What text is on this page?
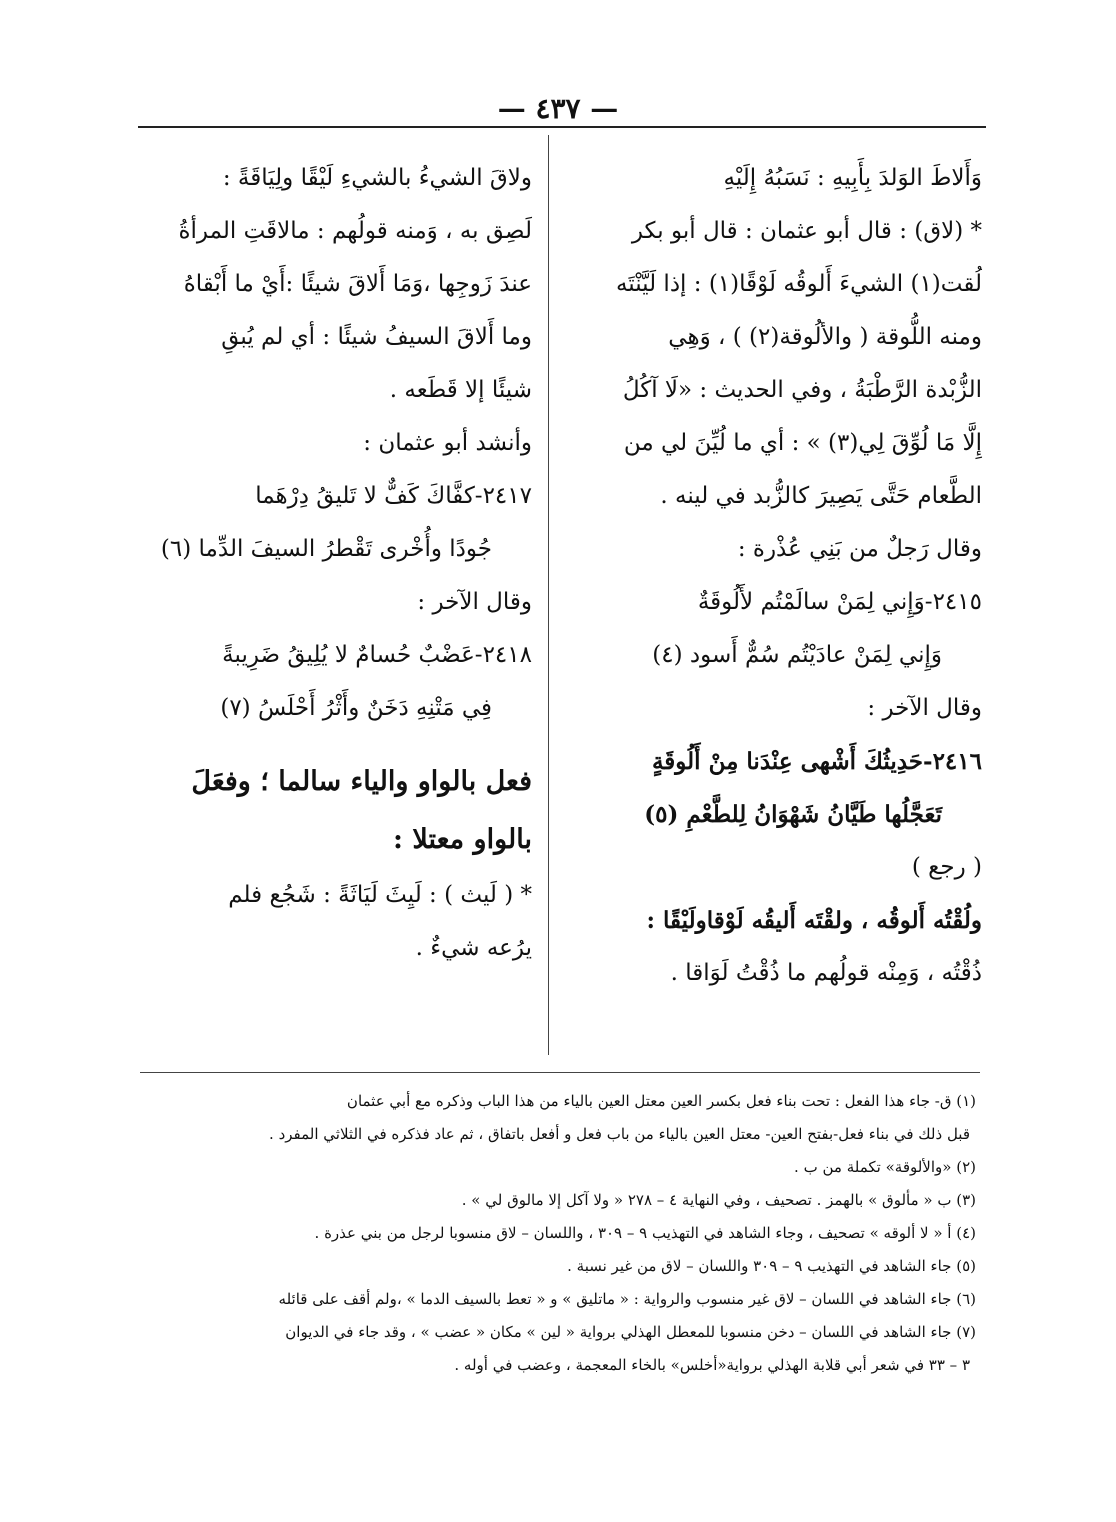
— ٤٣٧ —

وَأَلاطَ الوَلدَ بِأَبِيهِ : نَسَبُهُ إِلَيْهِ

* (لاق) : قال أبو عثمان : قال أبو بكر

لُقت(١) الشيءَ أَلوقُه لَوْقًا(١) : إذا لَيَّنْتَه

ومنه اللُّوقة ( والألُوقة(٢) ) ، وَهِي

الزُّبْدة الرَّطْبَةُ ، وفي الحديث : «لَا آكُلُ

إِلَّا مَا لُوِّقَ لِي(٣) » : أي ما لُيِّنَ لي من

الطَّعام حَتَّى يَصِيرَ كالزُّبد في لينه .

وقال رَجلٌ من بَنِي عُذْرة :

٢٤١٥-وَإِني لِمَنْ سالَمْتُم لأَلُوقَةٌ

وَإِني لِمَنْ عادَيْتُم سُمٌّ أَسود (٤)

وقال الآخر :

٢٤١٦-حَدِيثُكَ أَشْهى عِنْدَنا مِنْ أَلُوقَةٍ

تَعَجَّلُها طَيَّانُ شَهْوَانُ لِلطَّعْمِ (٥)

( رجع )

ولُقْتُه أَلوقُه ، ولقْتَه أَليقُه لَوْقاولَيْقًا :

ذُقْتُه ، وَمِنْه قولُهم ما ذُقْتُ لَوَاقا .

ولاقَ الشيءُ بالشيءِ لَيْقًا ولِيَاقَةً :

لَصِق به ، وَمنه قولُهم : مالاقَتِ المرأةُ

عندَ زَوجِها ،وَمَا أَلاقَ شيئًا :أَيْ ما أَبْقاهُ

وما أَلاقَ السيفُ شيئًا : أي لم يُبقِ

شيئًا إلا قَطَعه .

وأنشد أبو عثمان :

٢٤١٧-كفَّاكَ كَفٌّ لا تَليقُ دِرْهَما

جُودًا وأُخْرى تَقْطرُ السيفَ الدِّما (٦)

وقال الآخر :

٢٤١٨-عَضْبٌ حُسامٌ لا يُلِيقُ ضَرِيبةً

فِي مَتْنِهِ دَخَنٌ وأَثْرُ أَحْلَسُ (٧)

فعل بالواو والياء سالما ؛ وفعَلَ

بالواو معتلا :

* ( لَيث ) : لَيِثَ لَيَاثَةً : شَجُع فلم

يرُعه شيءٌ .

(١) ق- جاء هذا الفعل : تحت بناء فعل بكسر العين معتل العين بالياء من هذا الباب وذكره مع أبي عثمان

قبل ذلك في بناء فعل-بفتح العين- معتل العين بالياء من باب فعل و أفعل باتفاق ، ثم عاد فذكره في الثلاثي المفرد .

(٢) «والألوقة» تكملة من ب .

(٣) ب « مألوق » بالهمز . تصحيف ، وفي النهاية ٤ – ٢٧٨ « ولا آكل إلا مالوق لي » .

(٤) أ « لا ألوقه » تصحيف ، وجاء الشاهد في التهذيب ٩ – ٣٠٩ ، واللسان – لاق منسوبا لرجل من بني عذرة .

(٥) جاء الشاهد في التهذيب ٩ – ٣٠٩ واللسان – لاق من غير نسبة .

(٦) جاء الشاهد في اللسان – لاق غير منسوب والرواية : « ماتليق » و « تعط بالسيف الدما » ،ولم أقف على قائله

(٧) جاء الشاهد في اللسان – دخن منسوبا للمعطل الهذلي برواية « لين » مكان « عضب » ، وقد جاء في الديوان

٣ – ٣٣ في شعر أبي قلابة الهذلي برواية«أخلس» بالخاء المعجمة ، وعضب في أوله .
